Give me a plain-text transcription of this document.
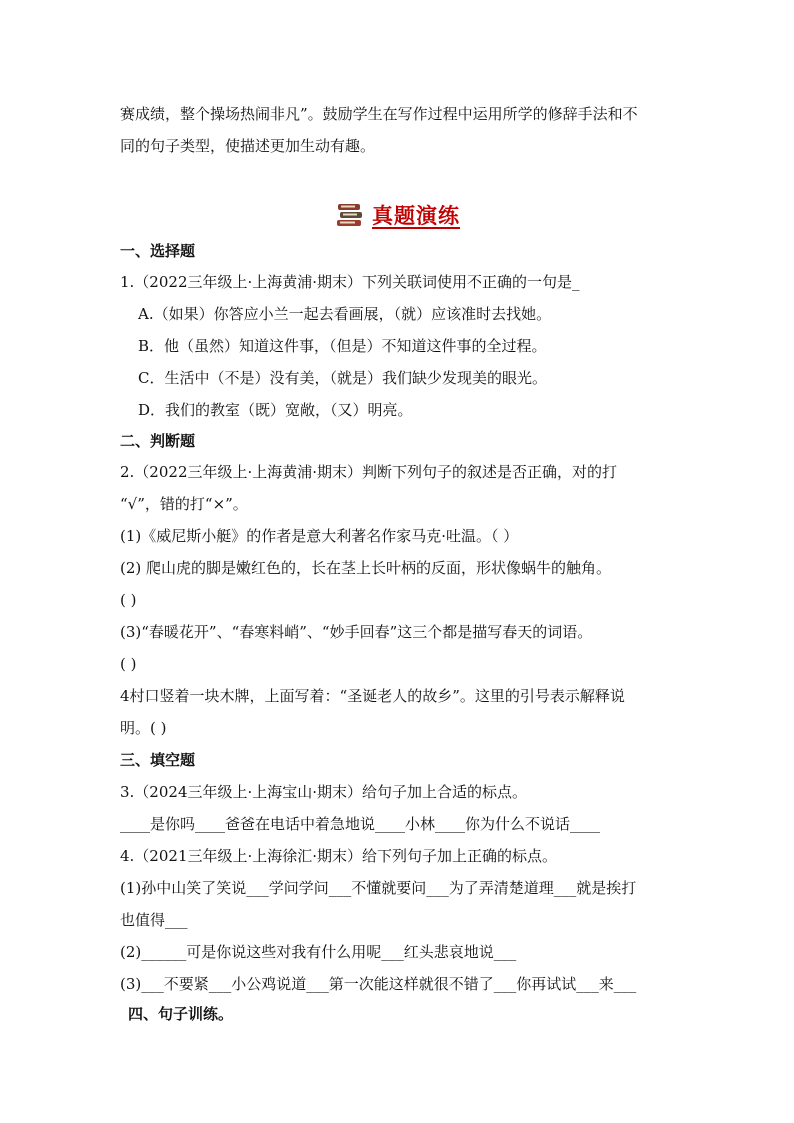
赛成绩，整个操场热闹非凡”。鼓励学生在写作过程中运用所学的修辞手法和不
同的句子类型，使描述更加生动有趣。
真题演练
一、选择题
1.（2022三年级上·上海黄浦·期末）下列关联词使用不正确的一句是_
A.（如果）你答应小兰一起去看画展，（就）应该准时去找她。
B．他（虽然）知道这件事，（但是）不知道这件事的全过程。
C．生活中（不是）没有美，（就是）我们缺少发现美的眼光。
D．我们的教室（既）宽敞，（又）明亮。
二、判断题
2.（2022三年级上·上海黄浦·期末）判断下列句子的叙述是否正确，对的打
“√”，错的打“×”。
(1)《威尼斯小艇》的作者是意大利著名作家马克·吐温。（ ）
(2) 爬山虎的脚是嫩红色的，长在茎上长叶柄的反面，形状像蜗牛的触角。
( )
(3)“春暖花开”、“春寒料峭”、“妙手回春”这三个都是描写春天的词语。
( )
4村口竖着一块木牌，上面写着：“圣诞老人的故乡”。这里的引号表示解释说
明。( )
三、填空题
3.（2024三年级上·上海宝山·期末）给句子加上合适的标点。
____是你吗____爸爸在电话中着急地说____小林____你为什么不说话____
4.（2021三年级上·上海徐汇·期末）给下列句子加上正确的标点。
(1)孙中山笑了笑说___学问学问___不懂就要问___为了弄清楚道理___就是挨打
也值得___
(2)______可是你说这些对我有什么用呢___红头悲哀地说___
(3)___不要紧___小公鸡说道___第一次能这样就很不错了___你再试试___来___
四、句子训练。
